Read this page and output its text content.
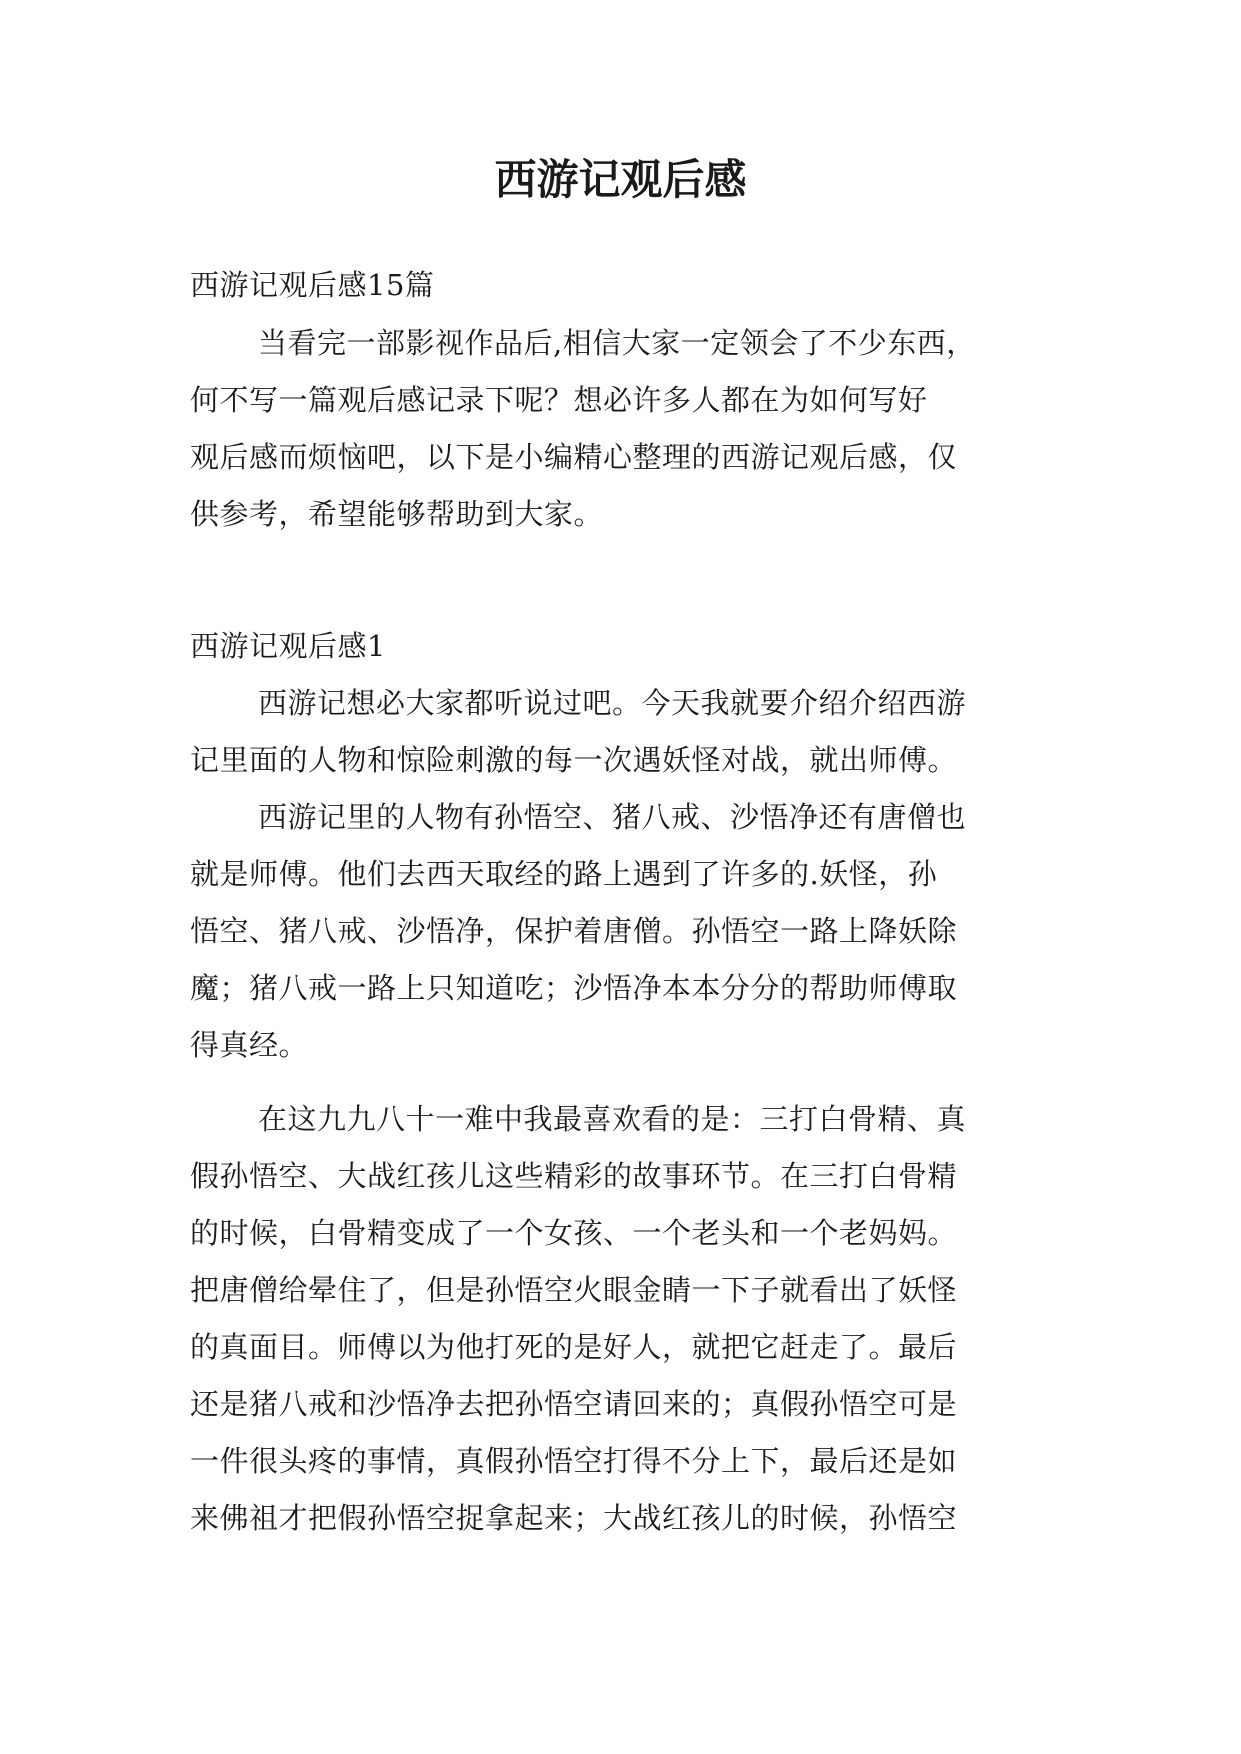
西游记观后感

西游记观后感15篇

当看完一部影视作品后,相信大家一定领会了不少东西，

何不写一篇观后感记录下呢？想必许多人都在为如何写好

观后感而烦恼吧，以下是小编精心整理的西游记观后感，仅

供参考，希望能够帮助到大家。

西游记观后感1

西游记想必大家都听说过吧。今天我就要介绍介绍西游

记里面的人物和惊险刺激的每一次遇妖怪对战，就出师傅。

西游记里的人物有孙悟空、猪八戒、沙悟净还有唐僧也

就是师傅。他们去西天取经的路上遇到了许多的.妖怪，孙

悟空、猪八戒、沙悟净，保护着唐僧。孙悟空一路上降妖除

魔；猪八戒一路上只知道吃；沙悟净本本分分的帮助师傅取

得真经。

在这九九八十一难中我最喜欢看的是：三打白骨精、真

假孙悟空、大战红孩儿这些精彩的故事环节。在三打白骨精

的时候，白骨精变成了一个女孩、一个老头和一个老妈妈。

把唐僧给晕住了，但是孙悟空火眼金睛一下子就看出了妖怪

的真面目。师傅以为他打死的是好人，就把它赶走了。最后

还是猪八戒和沙悟净去把孙悟空请回来的；真假孙悟空可是

一件很头疼的事情，真假孙悟空打得不分上下，最后还是如

来佛祖才把假孙悟空捉拿起来；大战红孩儿的时候，孙悟空
